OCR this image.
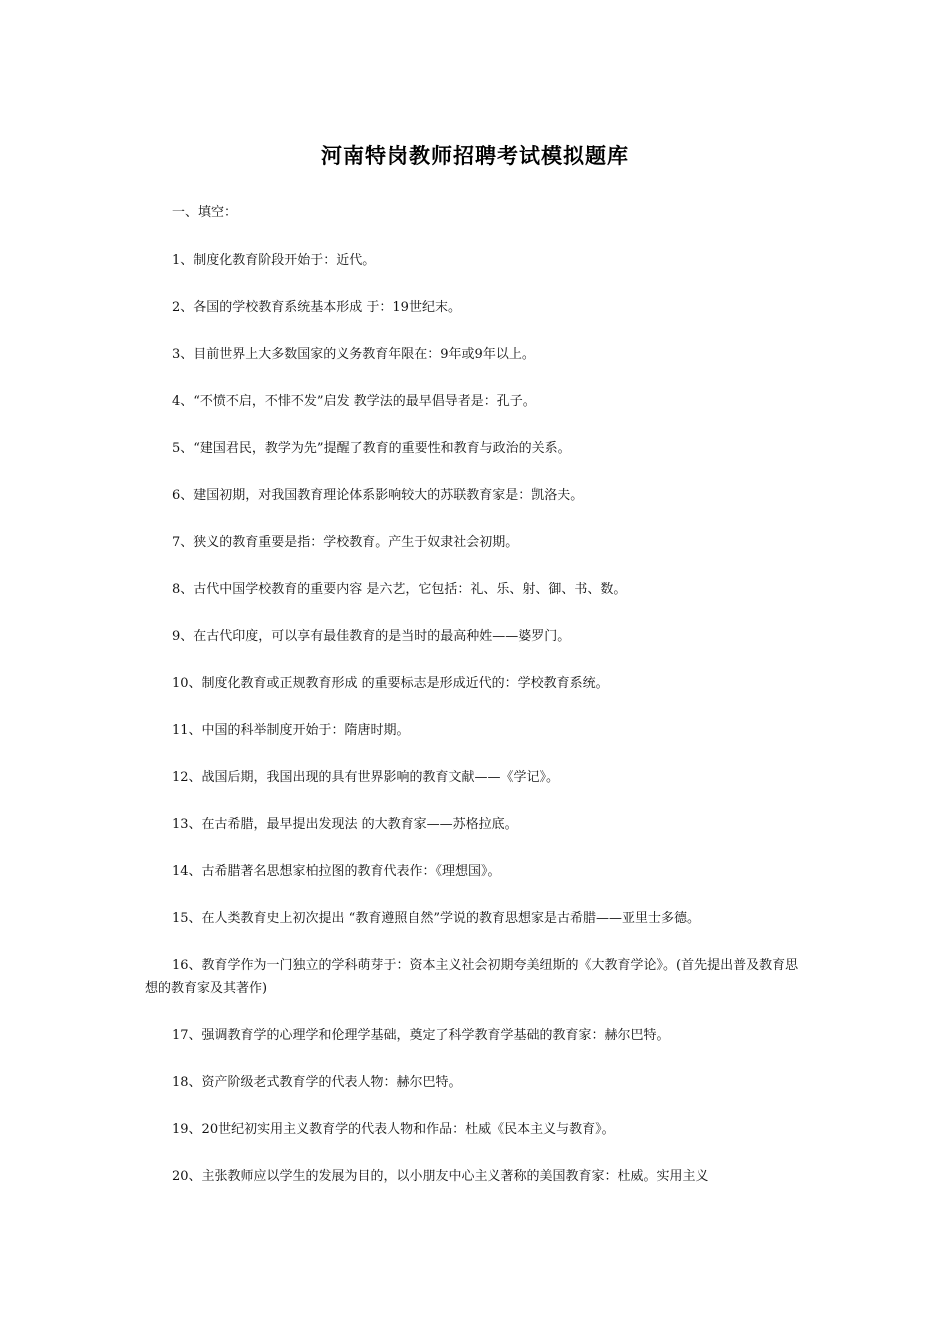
河南特岗教师招聘考试模拟题库
一、填空：
1、制度化教育阶段开始于：近代。
2、各国的学校教育系统基本形成 于：19世纪末。
3、目前世界上大多数国家的义务教育年限在：9年或9年以上。
4、“不愤不启，不悱不发”启发 教学法的最早倡导者是：孔子。
5、“建国君民，教学为先”提醒了教育的重要性和教育与政治的关系。
6、建国初期，对我国教育理论体系影响较大的苏联教育家是：凯洛夫。
7、狭义的教育重要是指：学校教育。产生于奴隶社会初期。
8、古代中国学校教育的重要内容 是六艺，它包括：礼、乐、射、御、书、数。
9、在古代印度，可以享有最佳教育的是当时的最高种姓——婆罗门。
10、制度化教育或正规教育形成 的重要标志是形成近代的：学校教育系统。
11、中国的科举制度开始于：隋唐时期。
12、战国后期，我国出现的具有世界影响的教育文献——《学记》。
13、在古希腊，最早提出发现法 的大教育家——苏格拉底。
14、古希腊著名思想家柏拉图的教育代表作：《理想国》。
15、在人类教育史上初次提出 “教育遵照自然”学说的教育思想家是古希腊——亚里士多德。
16、教育学作为一门独立的学科萌芽于：资本主义社会初期夸美纽斯的《大教育学论》。(首先提出普及教育思想的教育家及其著作)
17、强调教育学的心理学和伦理学基础，奠定了科学教育学基础的教育家：赫尔巴特。
18、资产阶级老式教育学的代表人物：赫尔巴特。
19、20世纪初实用主义教育学的代表人物和作品：杜威《民本主义与教育》。
20、主张教师应以学生的发展为目的，以小朋友中心主义著称的美国教育家：杜威。实用主义
